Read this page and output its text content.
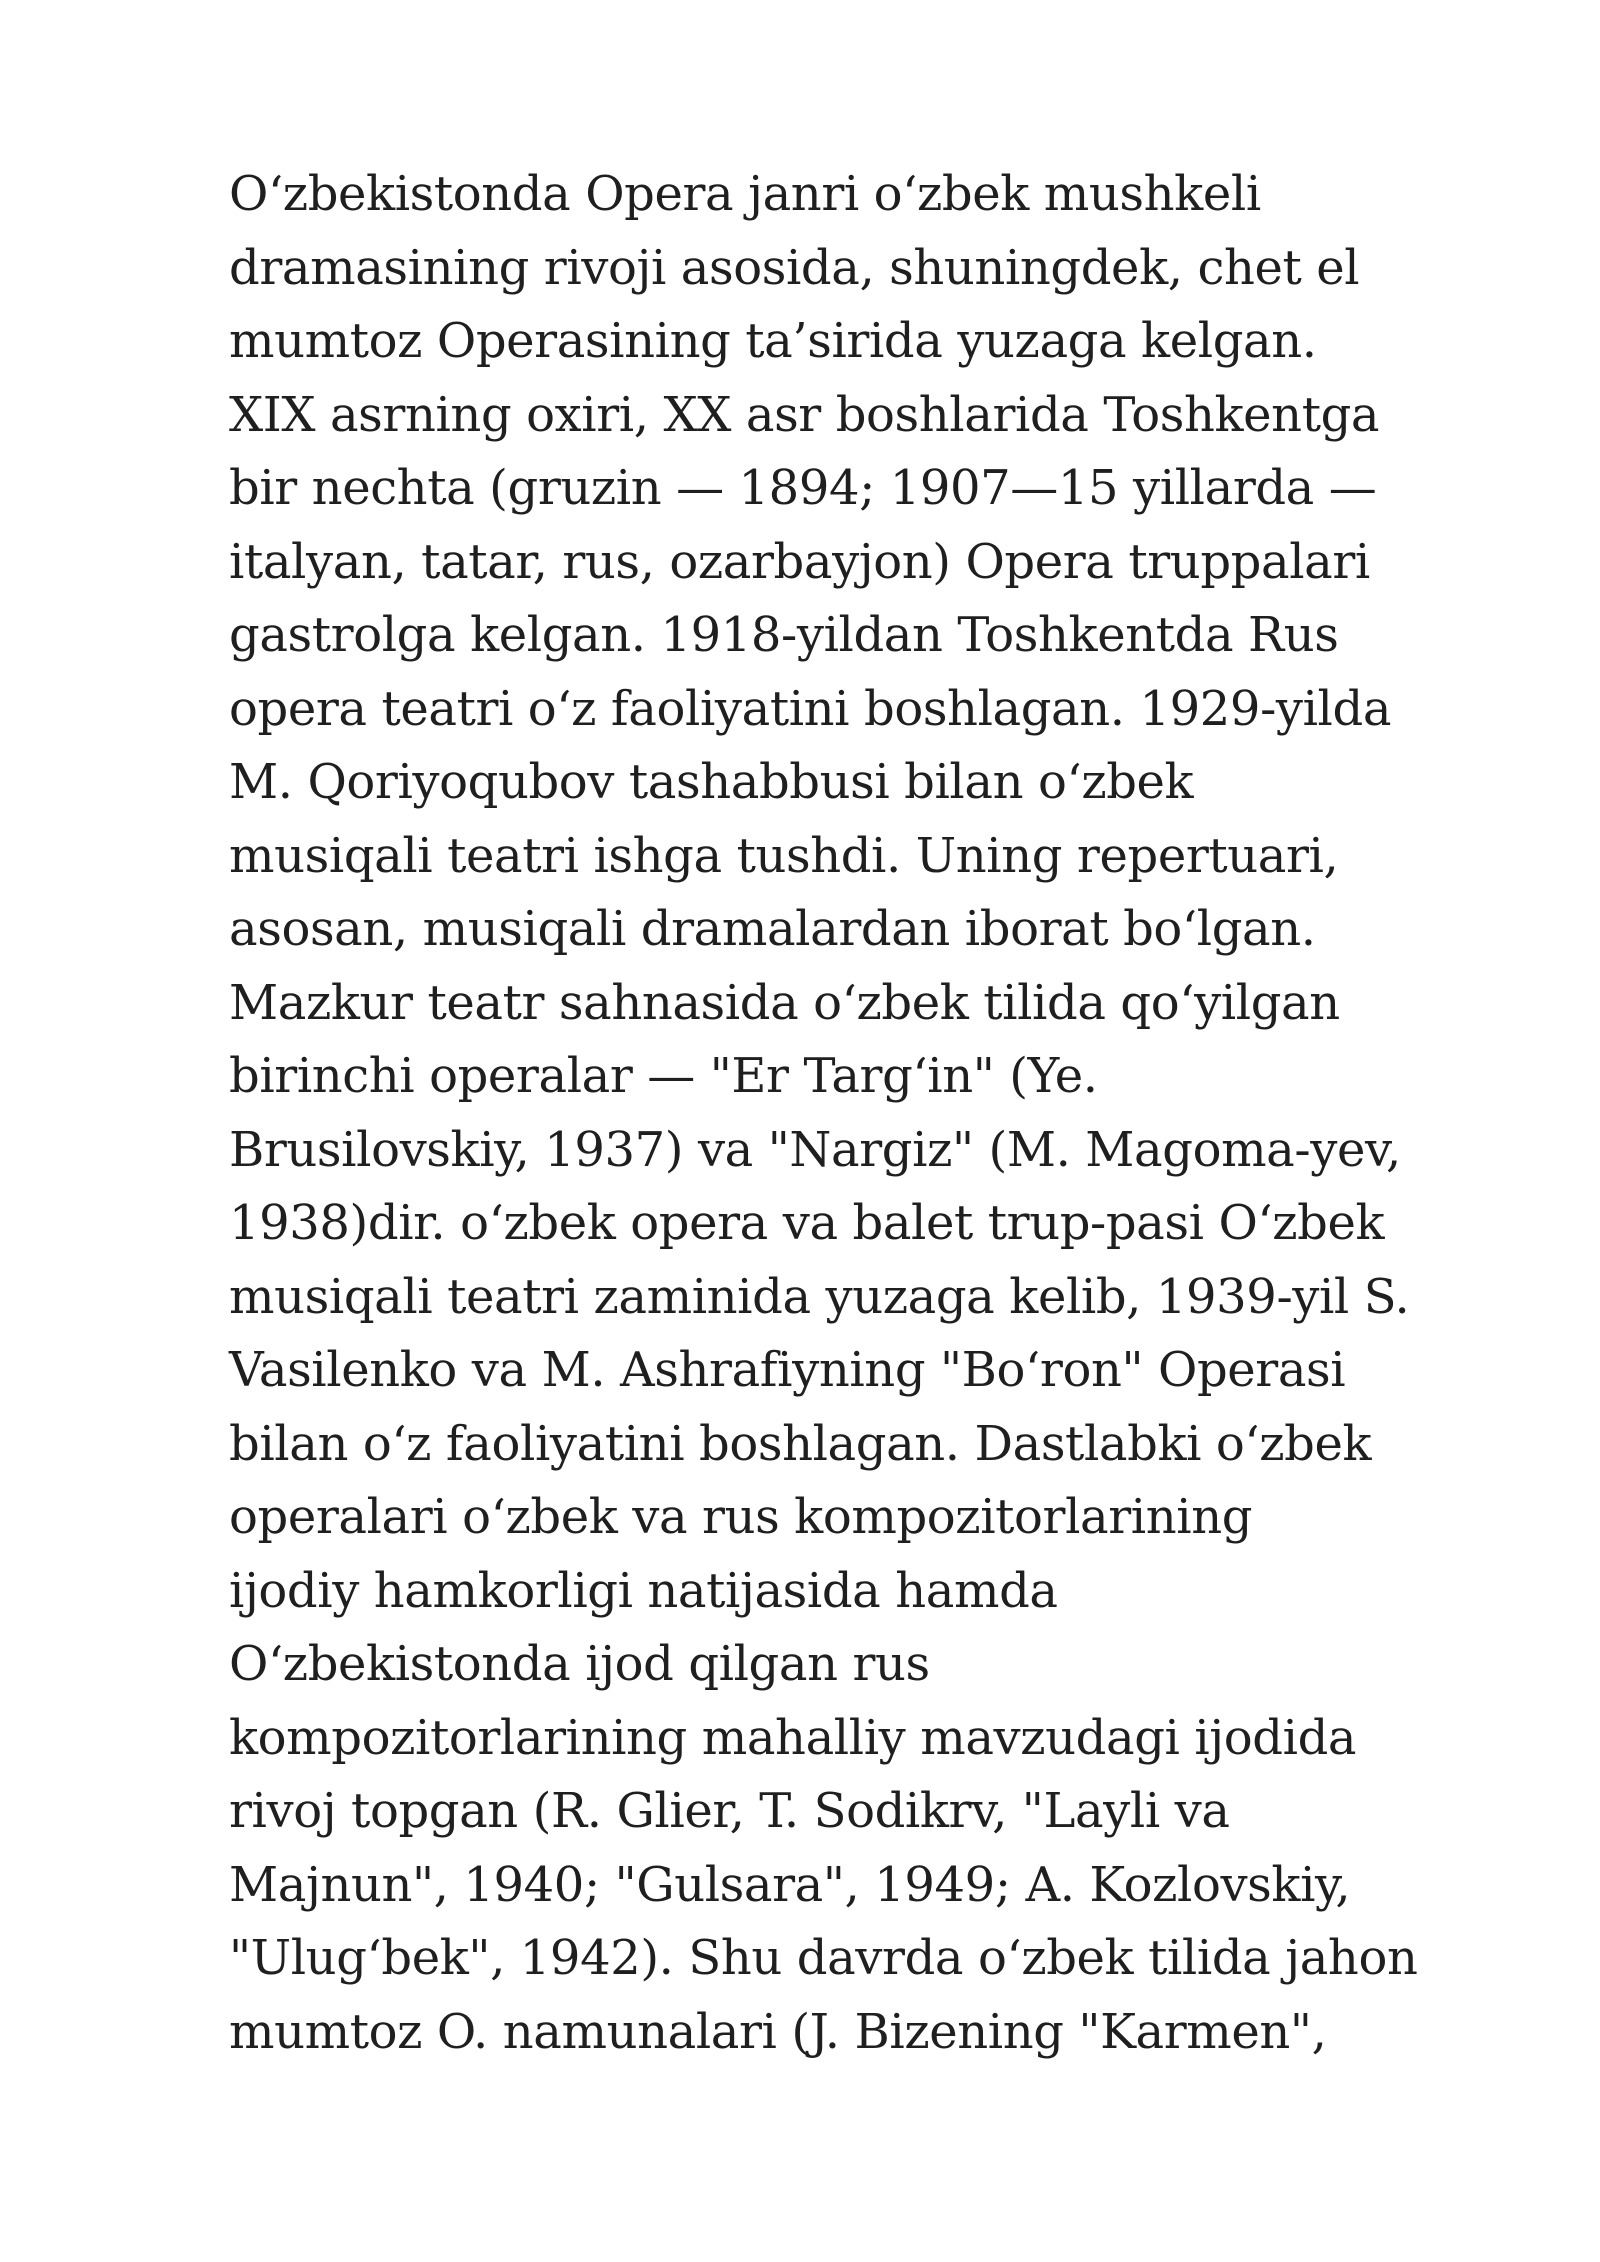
O‘zbekistonda Opera janri o‘zbek mushkeli
dramasining rivoji asosida, shuningdek, chet el
mumtoz Operasining ta’sirida yuzaga kelgan.
XIX asrning oxiri, XX asr boshlarida Toshkentga
bir nechta (gruzin — 1894; 1907—15 yillarda —
italyan, tatar, rus, ozarbayjon) Opera truppalari
gastrolga kelgan. 1918-yildan Toshkentda Rus
opera teatri o‘z faoliyatini boshlagan. 1929-yilda
M. Qoriyoqubov tashabbusi bilan o‘zbek
musiqali teatri ishga tushdi. Uning repertuari,
asosan, musiqali dramalardan iborat bo‘lgan.
Mazkur teatr sahnasida o‘zbek tilida qo‘yilgan
birinchi operalar — "Er Targ‘in" (Ye.
Brusilovskiy, 1937) va "Nargiz" (M. Magoma-yev,
1938)dir. o‘zbek opera va balet trup-pasi O‘zbek
musiqali teatri zaminida yuzaga kelib, 1939-yil S.
Vasilenko va M. Ashrafiyning "Bo‘ron" Operasi
bilan o‘z faoliyatini boshlagan. Dastlabki o‘zbek
operalari o‘zbek va rus kompozitorlarining
ijodiy hamkorligi natijasida hamda
O‘zbekistonda ijod qilgan rus
kompozitorlarining mahalliy mavzudagi ijodida
rivoj topgan (R. Glier, T. Sodikrv, "Layli va
Majnun", 1940; "Gulsara", 1949; A. Kozlovskiy,
"Ulug‘bek", 1942). Shu davrda o‘zbek tilida jahon
mumtoz O. namunalari (J. Bizening "Karmen",
